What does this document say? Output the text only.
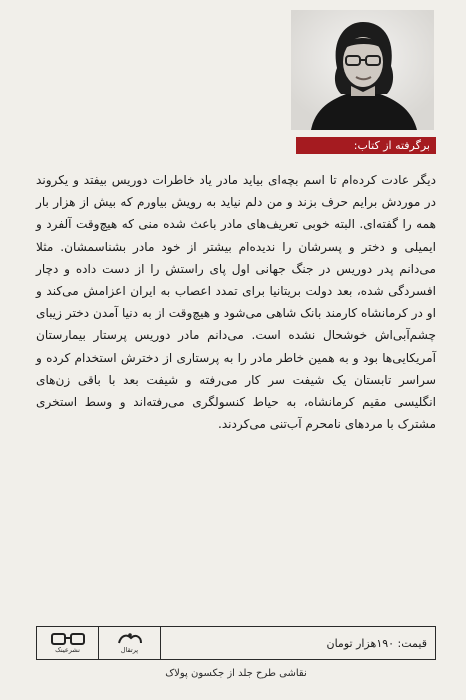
برگرفته از کتاب:
دیگر عادت کرده‌ام تا اسم بچه‌ای بیاید مادر یاد خاطرات دوریس بیفتد و یکروند در موردش برایم حرف بزند و من دلم نیاید به رویش بیاورم که بیش از هزار بار همه را گفته‌ای. البته خوبی تعریف‌های مادر باعث شده منی که هیچ‌وقت آلفرد و ایمیلی و دختر و پسرشان را ندیده‌ام بیشتر از خود مادر بشناسمشان. مثلا می‌دانم پدر دوریس در جنگ جهانی اول پای راستش را از دست داده و دچار افسردگی شده، بعد دولت بریتانیا برای تمدد اعصاب به ایران اعزامش می‌کند و او در کرمانشاه کارمند بانک شاهی می‌شود و هیچ‌وقت از به دنیا آمدن دختر زیبای چشم‌آبی‌اش خوشحال نشده است. می‌دانم مادر دوریس پرستار بیمارستان آمریکایی‌ها بود و به همین خاطر مادر را به پرستاری از دخترش استخدام کرده و سراسر تابستان یک شیفت سر کار می‌رفته و شیفت بعد با باقی زن‌های انگلیسی مقیم کرمانشاه، به حیاط کنسولگری می‌رفته‌اند و وسط استخری مشترک با مردهای نامحرم آب‌تنی می‌کردند.
نشرعینک	پرتقال
قیمت: ۱۹۰هزار تومان
نقاشی طرح جلد از جکسون پولاک
